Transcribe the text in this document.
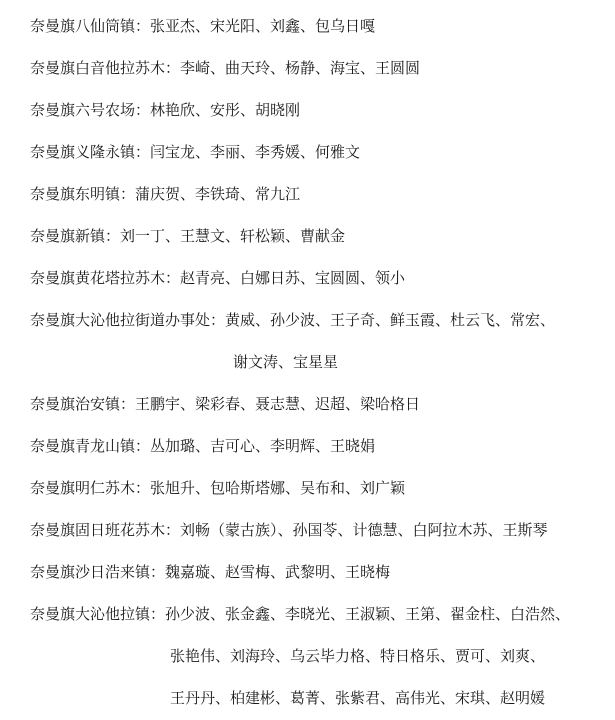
奈曼旗八仙筒镇：张亚杰、宋光阳、刘鑫、包乌日嘎
奈曼旗白音他拉苏木：李崎、曲天玲、杨静、海宝、王圆圆
奈曼旗六号农场：林艳欣、安彤、胡晓刚
奈曼旗义隆永镇：闫宝龙、李丽、李秀媛、何雅文
奈曼旗东明镇：蒲庆贺、李铁琦、常九江
奈曼旗新镇：刘一丁、王慧文、轩松颖、曹献金
奈曼旗黄花塔拉苏木：赵青亮、白娜日苏、宝圆圆、领小
奈曼旗大沁他拉街道办事处：黄威、孙少波、王子奇、鲜玉霞、杜云飞、常宏、
谢文涛、宝星星
奈曼旗治安镇：王鹏宇、梁彩春、聂志慧、迟超、梁哈格日
奈曼旗青龙山镇：丛加璐、吉可心、李明辉、王晓娟
奈曼旗明仁苏木：张旭升、包哈斯塔娜、吴布和、刘广颖
奈曼旗固日班花苏木：刘畅（蒙古族）、孙国苓、计德慧、白阿拉木苏、王斯琴
奈曼旗沙日浩来镇：魏嘉璇、赵雪梅、武黎明、王晓梅
奈曼旗大沁他拉镇：孙少波、张金鑫、李晓光、王淑颖、王第、翟金柱、白浩然、
张艳伟、刘海玲、乌云毕力格、特日格乐、贾可、刘爽、
王丹丹、柏建彬、葛菁、张紫君、高伟光、宋琪、赵明媛
